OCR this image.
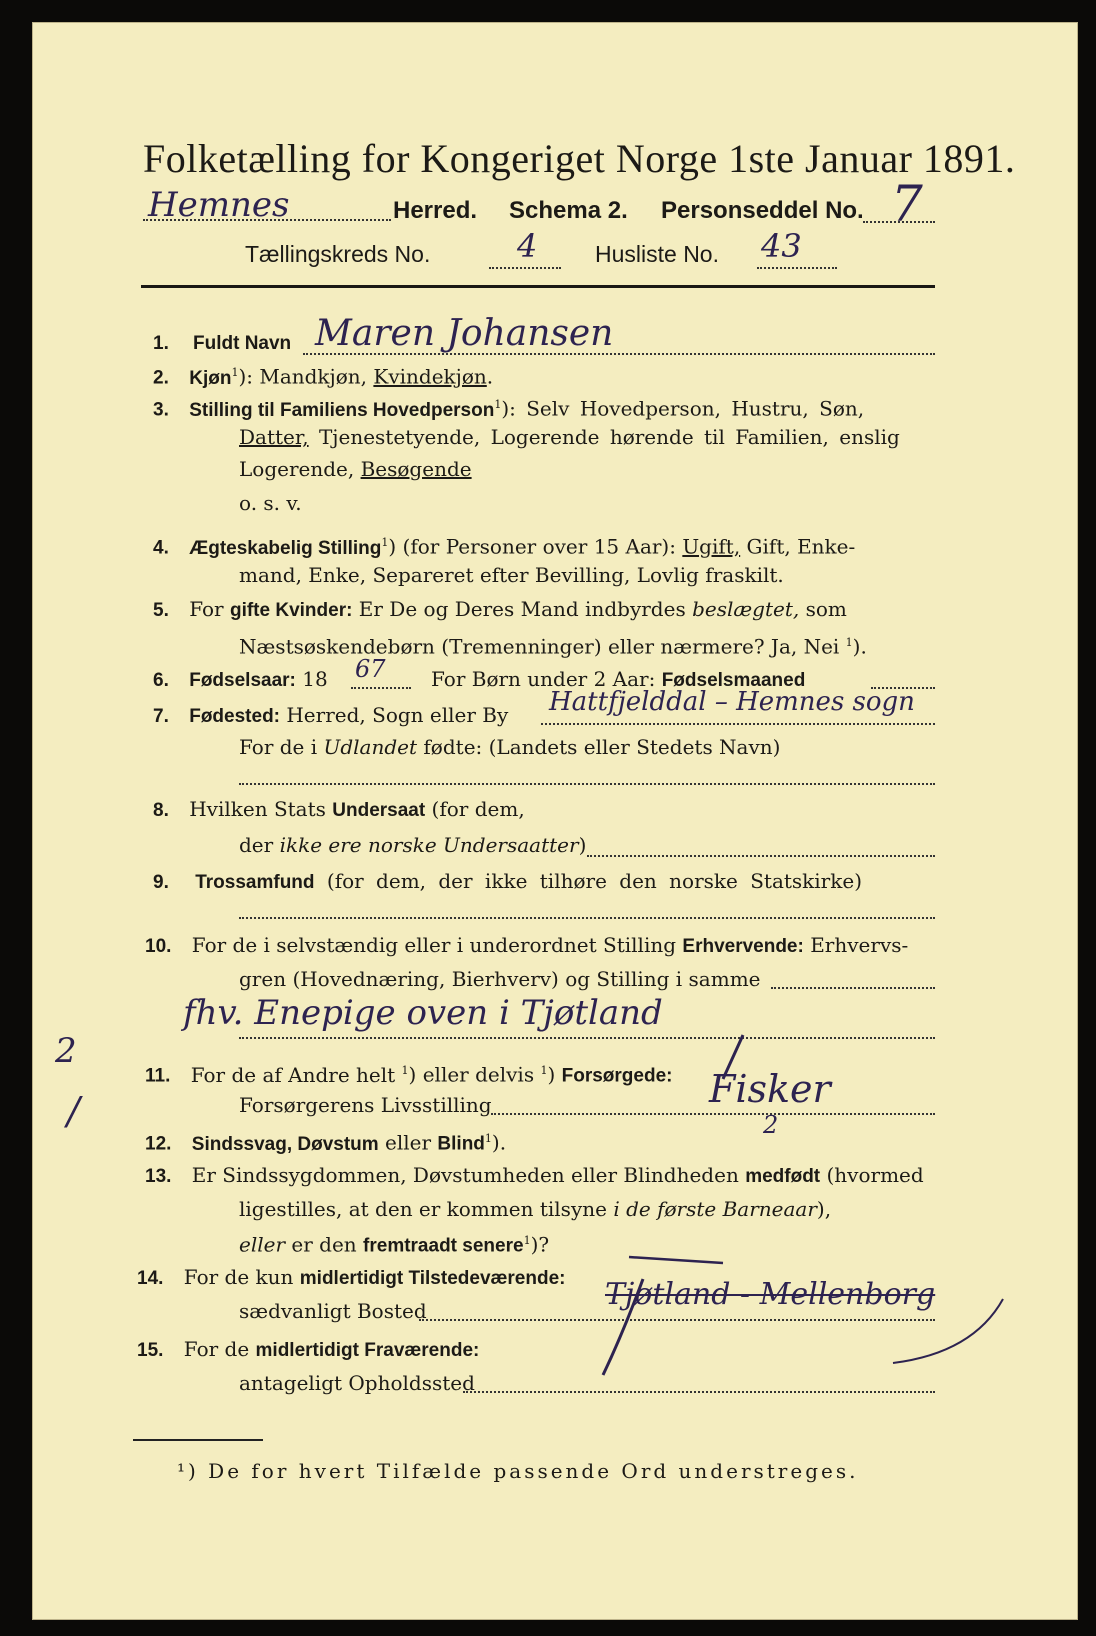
Folketælling for Kongeriget Norge 1ste Januar 1891.
Hemnes	Herred. Schema 2. Personseddel No. 7
Tællingskreds No.	4	Husliste No. 43
1. Fuldt Navn Maren Johansen
2. Kjøn$^1$): Mandkjøn, Kvindekjøn.
3. Stilling til Familiens Hovedperson$^1$): Selv Hovedperson, Hustru, Søn,
Datter, Tjenestetyende, Logerende hørende til Familien, enslig
Logerende, Besøgende
o. s. v.
4. Ægteskabelig Stilling$^1$) (for Personer over 15 Aar): Ugift, Gift, Enke-
mand, Enke, Separeret efter Bevilling, Lovlig fraskilt.
5. For gifte Kvinder: Er De og Deres Mand indbyrdes beslægtet, som
Næstsøskendebørn (Tremenninger) eller nærmere? Ja, Nei $^1$).
6. Fødselsaar: 18 67 For Børn under 2 Aar: Fødselsmaaned
7. Fødested: Herred, Sogn eller By Hattfjelddal – Hemnes sogn
For de i Udlandet fødte: (Landets eller Stedets Navn)
8. Hvilken Stats Undersaat (for dem,
der ikke ere norske Undersaatter)
9. Trossamfund (for dem, der ikke tilhøre den norske Statskirke)
10. For de i selvstændig eller i underordnet Stilling Erhvervende: Erhvervs-
gren (Hovednæring, Bierhverv) og Stilling i samme
fhv. Enepige oven i Tjøtland
11. For de af Andre helt $^1$) eller delvis $^1$) Forsørgede:
Forsørgerens Livsstilling	Fisker
12. Sindssvag, Døvstum eller Blind$^1$).
2
13. Er Sindssygdommen, Døvstumheden eller Blindheden medfødt (hvormed
ligestilles, at den er kommen tilsyne i de første Barneaar),
eller er den fremtraadt senere$^1$)?
14. For de kun midlertidigt Tilstedeværende:
sædvanligt Bosted	Tjøtland - Mellenborg
15. For de midlertidigt Fraværende:
antageligt Opholdssted
¹) De for hvert Tilfælde passende Ord understreges.
2
/
